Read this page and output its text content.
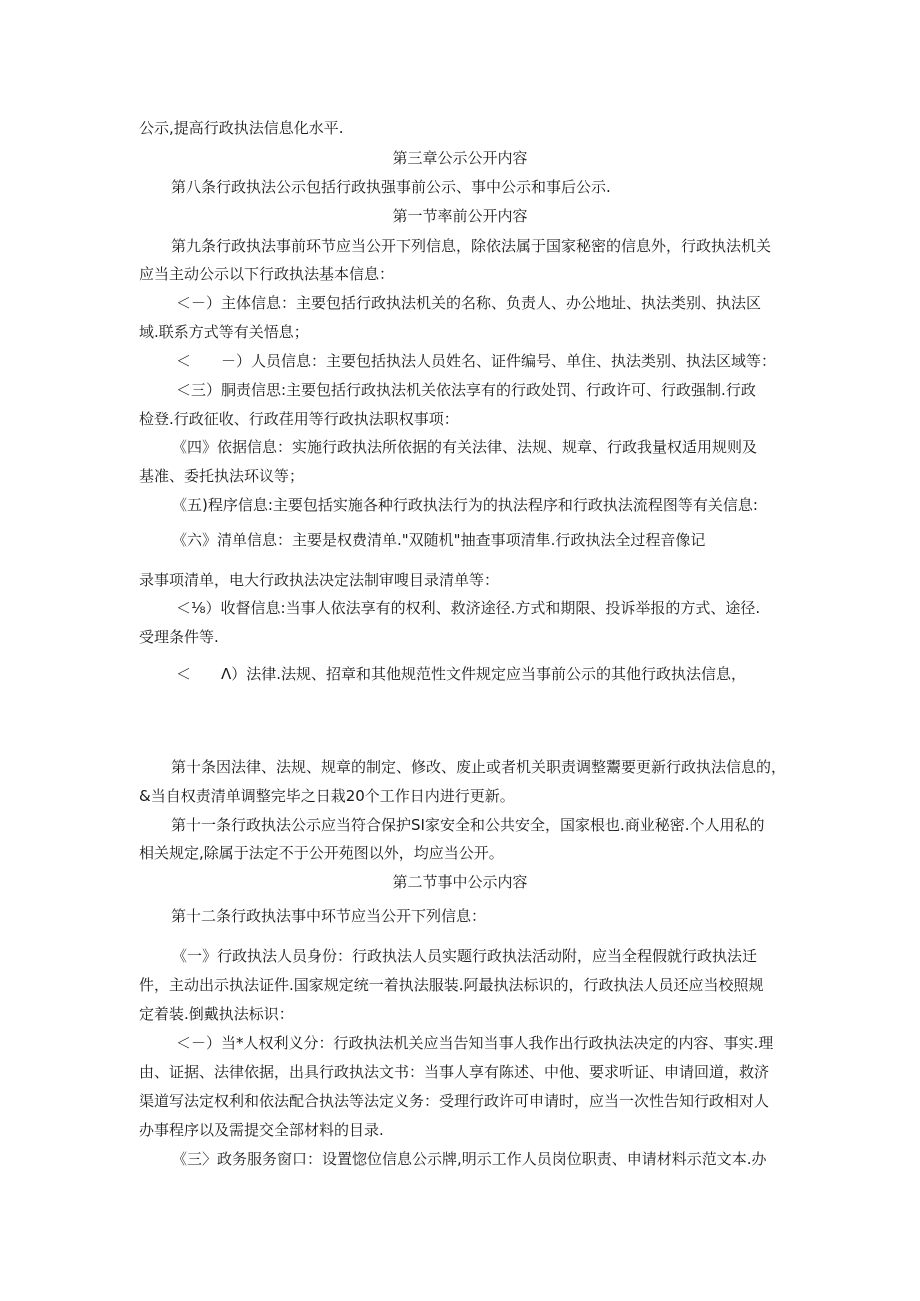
公示,提高行政执法信息化水平.
第三章公示公开内容
第八条行政执法公示包括行政执强事前公示、事中公示和事后公示.
第一节率前公开内容
第九条行政执法事前环节应当公开下列信息，除依法属于国家秘密的信息外，行政执法机关
应当主动公示以下行政执法基本信息：
＜－）主体信息：主要包括行政执法机关的名称、负责人、办公地址、执法类别、执法区
域.联系方式等有关悟息；
＜　　－）人员信息：主要包括执法人员姓名、证件编号、单住、执法类别、执法区域等：
＜三）胴责信思:主要包括行政执法机关依法享有的行政处罚、行政许可、行政强制.行政
检登.行政征收、行政荏用等行政执法职权事项：
《四》依据信息：实施行政执法所依据的有关法律、法规、规章、行政我量权适用规则及
基准、委托执法环议等；
《五)程序信息:主要包括实施各种行政执法行为的执法程序和行政执法流程图等有关信息:
《六》清单信息：主要是权费清单."双随机"抽查事项清隼.行政执法全过程音像记
录事项清单，电大行政执法决定法制审嗖目录清单等：
＜⅛）收督信息:当事人依法享有的权利、救济途径.方式和期限、投诉举报的方式、途径.
受理条件等.
＜　　Λ）法律.法规、招章和其他规范性文件规定应当事前公示的其他行政执法信息，
第十条因法律、法规、规章的制定、修改、废止或者机关职责调整鬻要更新行政执法信息的，
&当自权责清单调整完毕之日栽20个工作日内进行更新。
第十一条行政执法公示应当符合保护SI家安全和公共安全，国家根也.商业秘密.个人用私的
相关规定,除属于法定不于公开苑图以外，均应当公开。
第二节事中公示内容
第十二条行政执法事中环节应当公开下列信息：
《一》行政执法人员身份：行政执法人员实题行政执法活动附，应当全程假就行政执法迁
件，主动出示执法证件.国家规定统一着执法服装.阿最执法标识的，行政执法人员还应当校照规
定着装.倒戴执法标识：
＜－）当*人权利义分：行政执法机关应当告知当事人我作出行政执法决定的内容、事实.理
由、证据、法律依据，出具行政执法文书：当事人享有陈述、中他、要求听证、申请回道，救济
渠道写法定权利和依法配合执法等法定义务：受理行政许可申请时，应当一次性告知行政相对人
办事程序以及需提交全部材料的目录.
《三〉政务服务窗口：设置惚位信息公示牌,明示工作人员岗位职责、申请材料示范文本.办
